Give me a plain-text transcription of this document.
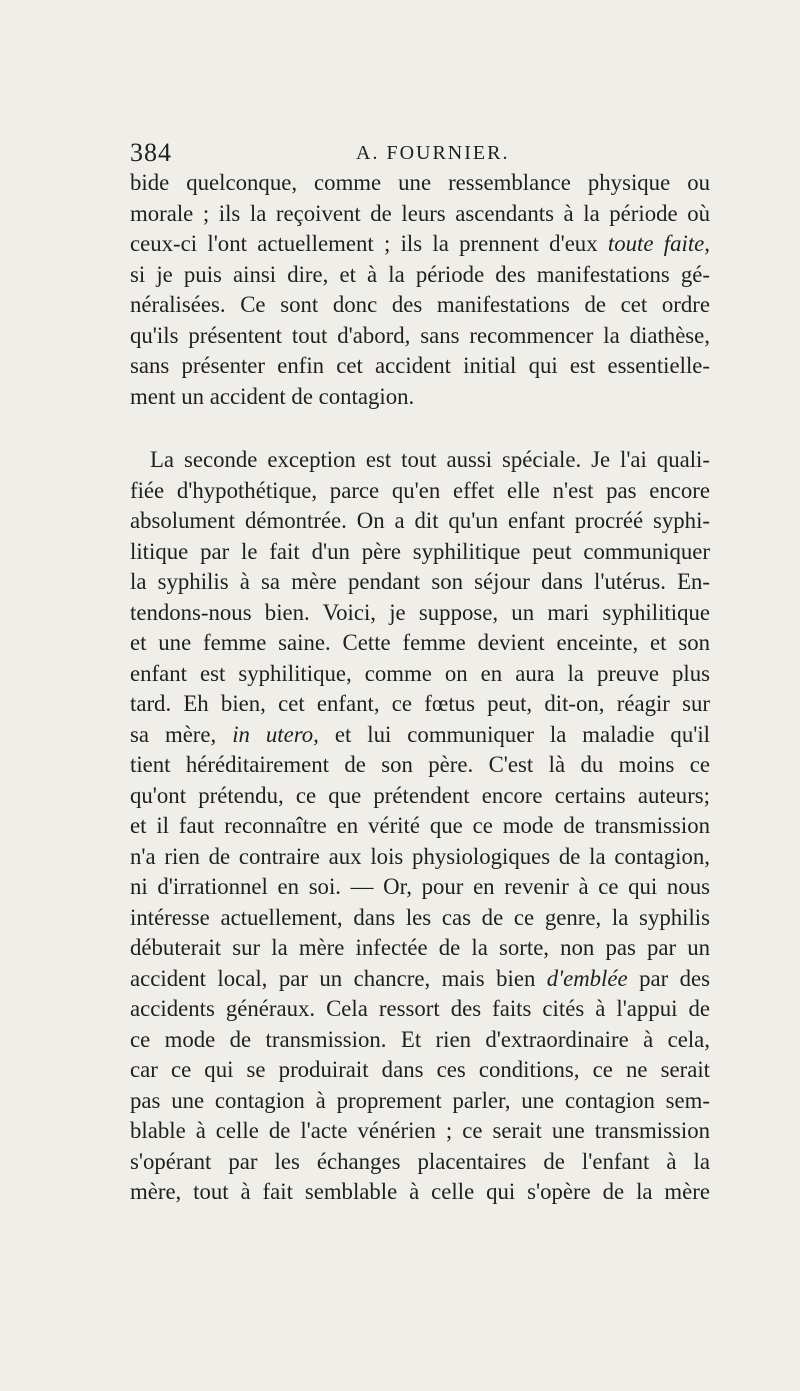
384	A. FOURNIER.
bide quelconque, comme une ressemblance physique ou
morale ; ils la reçoivent de leurs ascendants à la période où
ceux-ci l'ont actuellement ; ils la prennent d'eux toute faite,
si je puis ainsi dire, et à la période des manifestations gé-
néralisées. Ce sont donc des manifestations de cet ordre
qu'ils présentent tout d'abord, sans recommencer la diathèse,
sans présenter enfin cet accident initial qui est essentielle-
ment un accident de contagion.
La seconde exception est tout aussi spéciale. Je l'ai quali-
fiée d'hypothétique, parce qu'en effet elle n'est pas encore
absolument démontrée. On a dit qu'un enfant procréé syphi-
litique par le fait d'un père syphilitique peut communiquer
la syphilis à sa mère pendant son séjour dans l'utérus. En-
tendons-nous bien. Voici, je suppose, un mari syphilitique
et une femme saine. Cette femme devient enceinte, et son
enfant est syphilitique, comme on en aura la preuve plus
tard. Eh bien, cet enfant, ce fœtus peut, dit-on, réagir sur
sa mère, in utero, et lui communiquer la maladie qu'il
tient héréditairement de son père. C'est là du moins ce
qu'ont prétendu, ce que prétendent encore certains auteurs;
et il faut reconnaître en vérité que ce mode de transmission
n'a rien de contraire aux lois physiologiques de la contagion,
ni d'irrationnel en soi. — Or, pour en revenir à ce qui nous
intéresse actuellement, dans les cas de ce genre, la syphilis
débuterait sur la mère infectée de la sorte, non pas par un
accident local, par un chancre, mais bien d'emblée par des
accidents généraux. Cela ressort des faits cités à l'appui de
ce mode de transmission. Et rien d'extraordinaire à cela,
car ce qui se produirait dans ces conditions, ce ne serait
pas une contagion à proprement parler, une contagion sem-
blable à celle de l'acte vénérien ; ce serait une transmission
s'opérant par les échanges placentaires de l'enfant à la
mère, tout à fait semblable à celle qui s'opère de la mère
